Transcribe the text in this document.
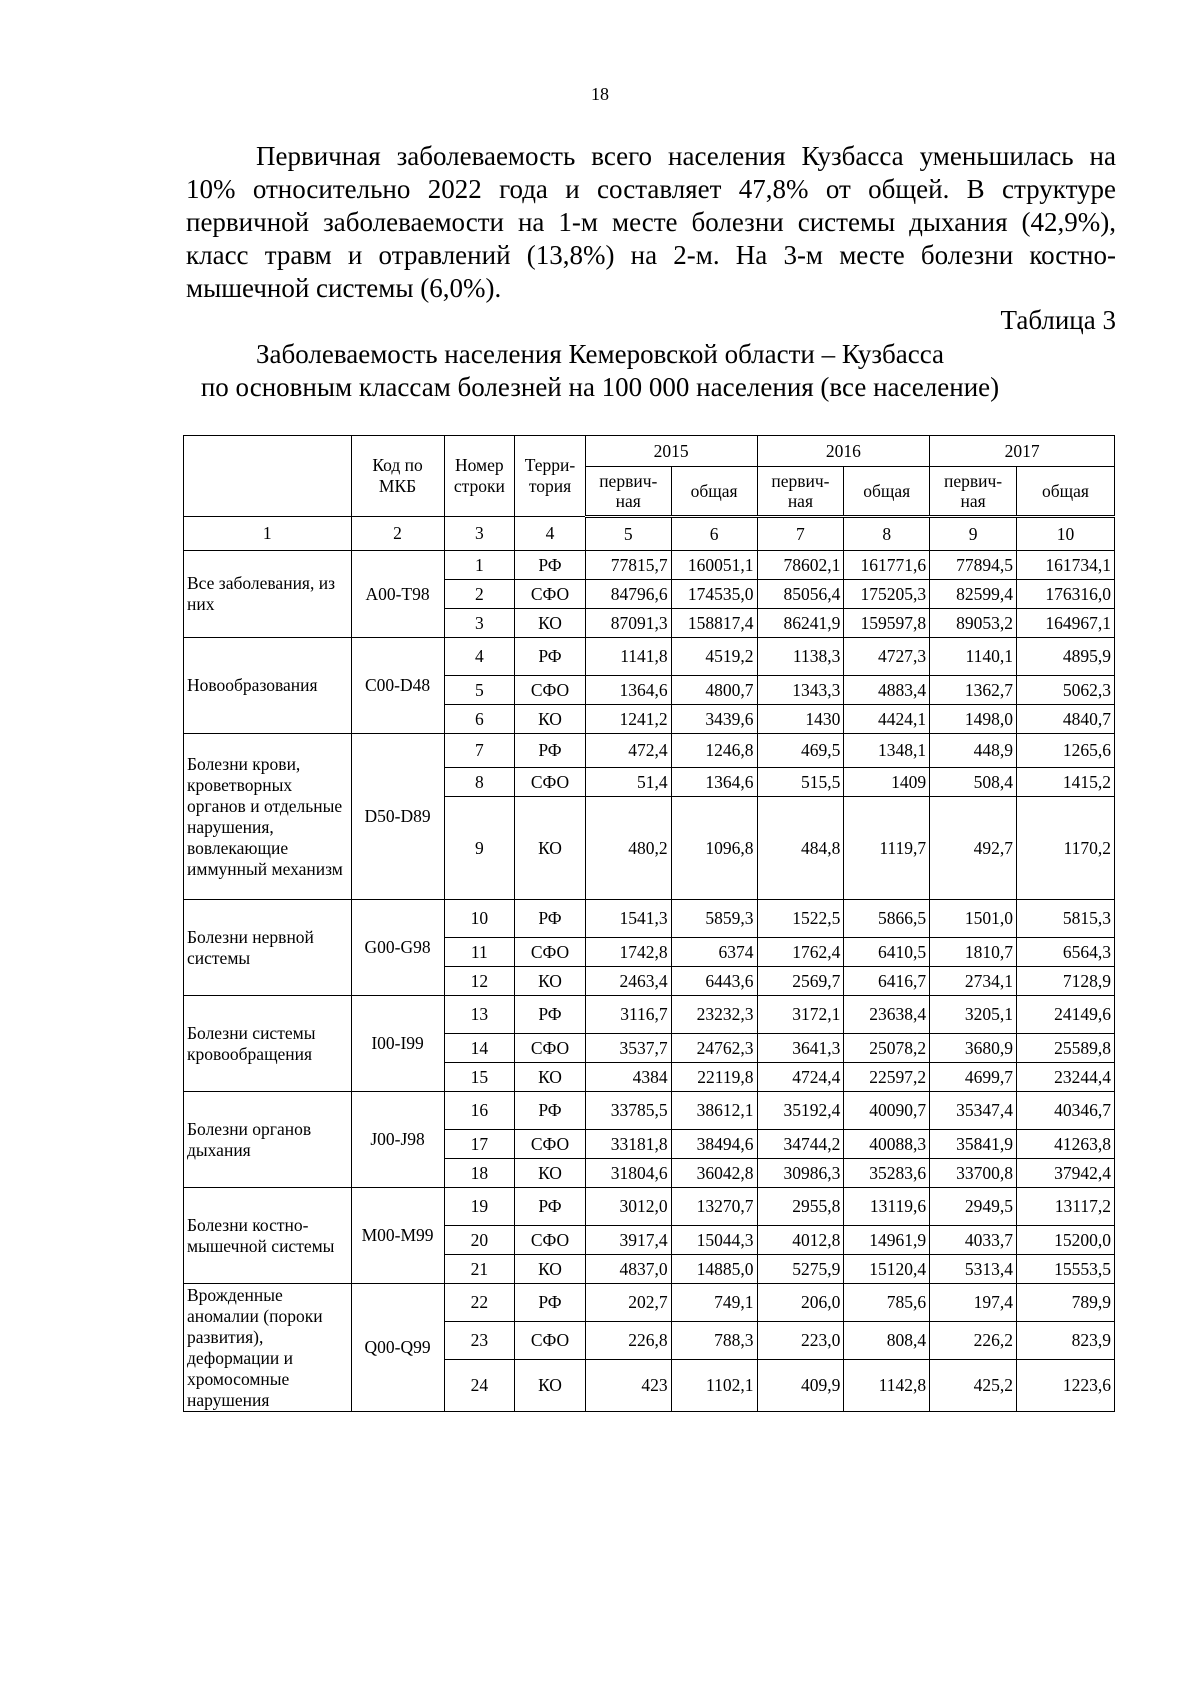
18

Первичная заболеваемость всего населения Кузбасса уменьшилась на 10% относительно 2022 года и составляет 47,8% от общей. В структуре первичной заболеваемости на 1-м месте болезни системы дыхания (42,9%), класс травм и отравлений (13,8%) на 2-м. На 3-м месте болезни костно-мышечной системы (6,0%).

Таблица 3
Заболеваемость населения Кемеровской области – Кузбасса
по основным классам болезней на 100 000 населения (все население)
	Код по МКБ	Номер строки	Терри-тория	2015		2016		2017	
				первич-ная	общая	первич-ная	общая	первич-ная	общая
1	2	3	4	5	6	7	8	9	10
Все заболевания, из них	A00-T98	1	РФ	77815,7	160051,1	78602,1	161771,6	77894,5	161734,1
		2	СФО	84796,6	174535,0	85056,4	175205,3	82599,4	176316,0
		3	КО	87091,3	158817,4	86241,9	159597,8	89053,2	164967,1
Новообразования	C00-D48	4	РФ	1141,8	4519,2	1138,3	4727,3	1140,1	4895,9
		5	СФО	1364,6	4800,7	1343,3	4883,4	1362,7	5062,3
		6	КО	1241,2	3439,6	1430	4424,1	1498,0	4840,7
Болезни крови, кроветворных органов и отдельные нарушения, вовлекающие иммунный механизм	D50-D89	7	РФ	472,4	1246,8	469,5	1348,1	448,9	1265,6
		8	СФО	51,4	1364,6	515,5	1409	508,4	1415,2
		9	КО	480,2	1096,8	484,8	1119,7	492,7	1170,2
Болезни нервной системы	G00-G98	10	РФ	1541,3	5859,3	1522,5	5866,5	1501,0	5815,3
		11	СФО	1742,8	6374	1762,4	6410,5	1810,7	6564,3
		12	КО	2463,4	6443,6	2569,7	6416,7	2734,1	7128,9
Болезни системы кровообращения	I00-I99	13	РФ	3116,7	23232,3	3172,1	23638,4	3205,1	24149,6
		14	СФО	3537,7	24762,3	3641,3	25078,2	3680,9	25589,8
		15	КО	4384	22119,8	4724,4	22597,2	4699,7	23244,4
Болезни органов дыхания	J00-J98	16	РФ	33785,5	38612,1	35192,4	40090,7	35347,4	40346,7
		17	СФО	33181,8	38494,6	34744,2	40088,3	35841,9	41263,8
		18	КО	31804,6	36042,8	30986,3	35283,6	33700,8	37942,4
Болезни костно-мышечной системы	M00-M99	19	РФ	3012,0	13270,7	2955,8	13119,6	2949,5	13117,2
		20	СФО	3917,4	15044,3	4012,8	14961,9	4033,7	15200,0
		21	КО	4837,0	14885,0	5275,9	15120,4	5313,4	15553,5
Врожденные аномалии (пороки развития), деформации и хромосомные нарушения	Q00-Q99	22	РФ	202,7	749,1	206,0	785,6	197,4	789,9
		23	СФО	226,8	788,3	223,0	808,4	226,2	823,9
		24	КО	423	1102,1	409,9	1142,8	425,2	1223,6
